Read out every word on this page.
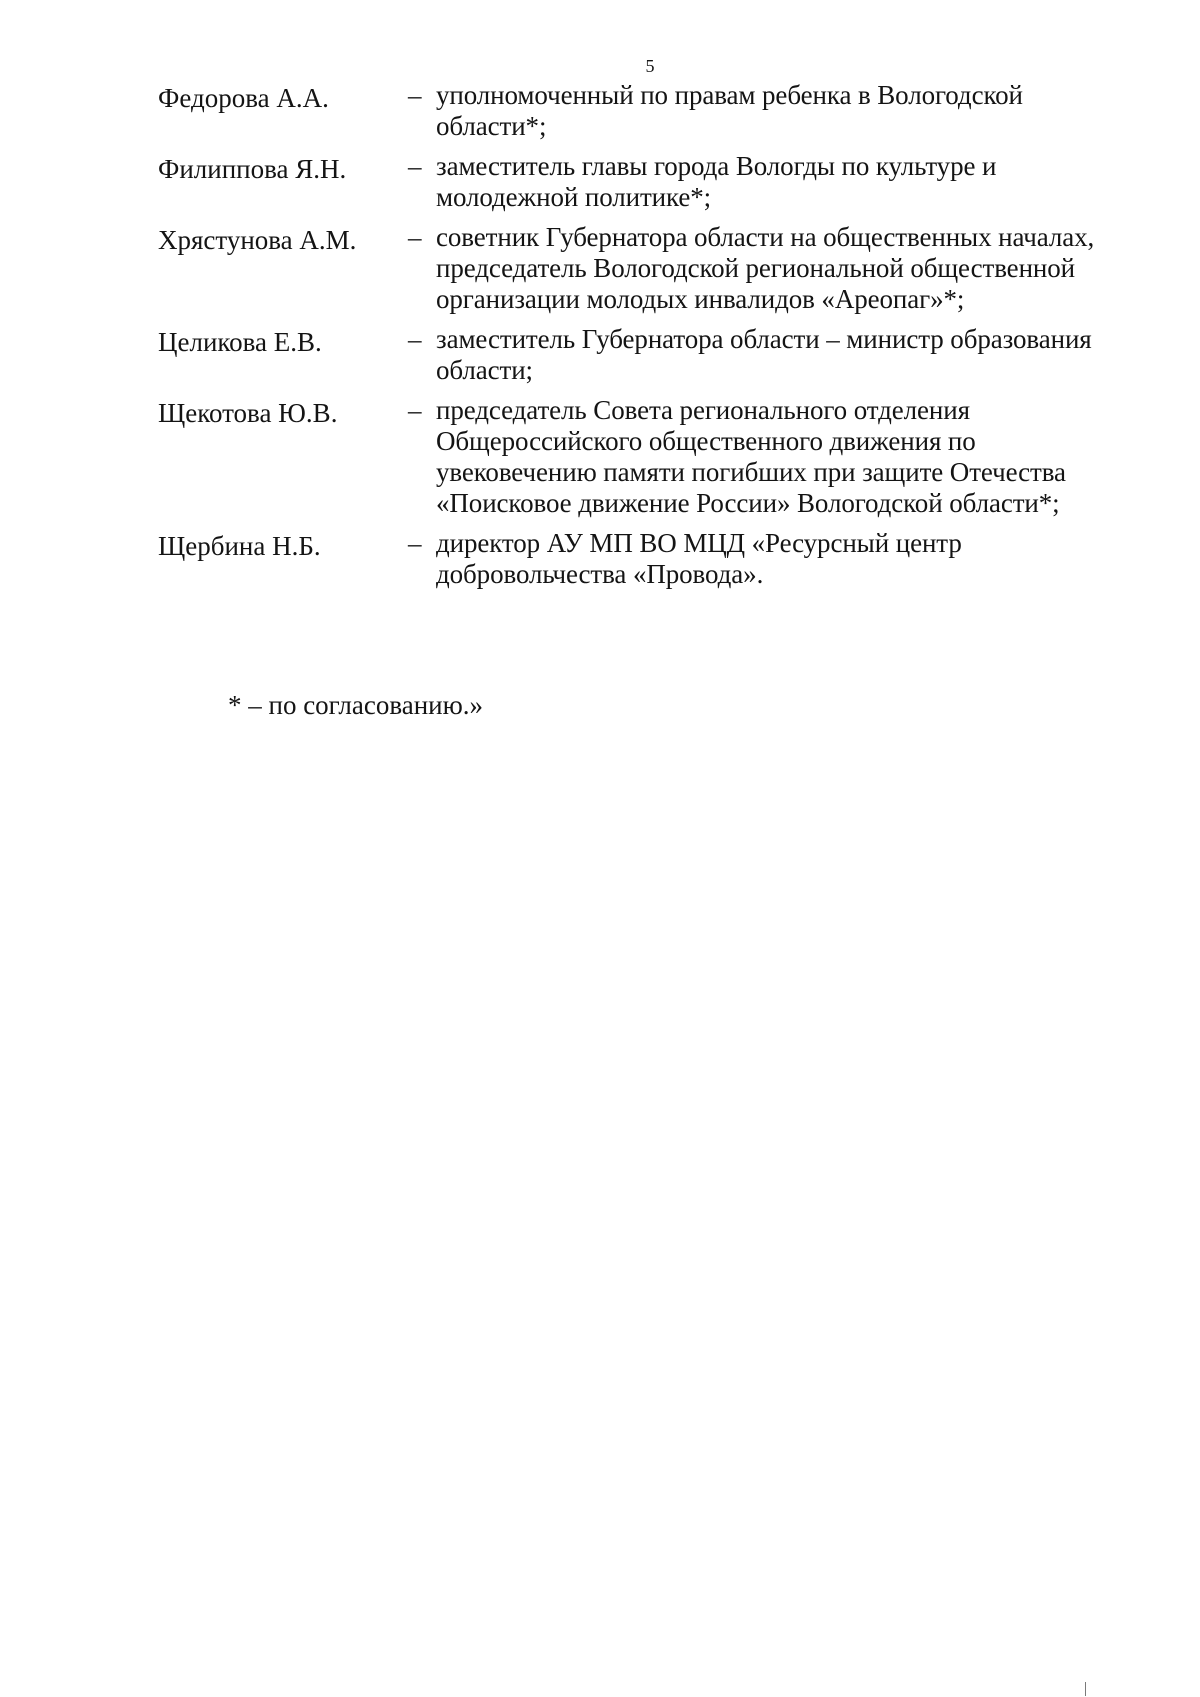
5
Федорова А.А.	– уполномоченный по правам ребенка в Вологодской
области*;
Филиппова Я.Н.	– заместитель главы города Вологды по культуре и
молодежной политике*;
Хрястунова А.М.	– советник Губернатора области на общественных началах,
председатель Вологодской региональной общественной
организации молодых инвалидов «Ареопаг»*;
Целикова Е.В.	– заместитель Губернатора области – министр образования
области;
Щекотова Ю.В.	– председатель Совета регионального отделения
Общероссийского общественного движения по
увековечению памяти погибших при защите Отечества
«Поисковое движение России» Вологодской области*;
Щербина Н.Б.	– директор АУ МП ВО МЦД «Ресурсный центр
добровольчества «Провода».
* – по согласованию.»
